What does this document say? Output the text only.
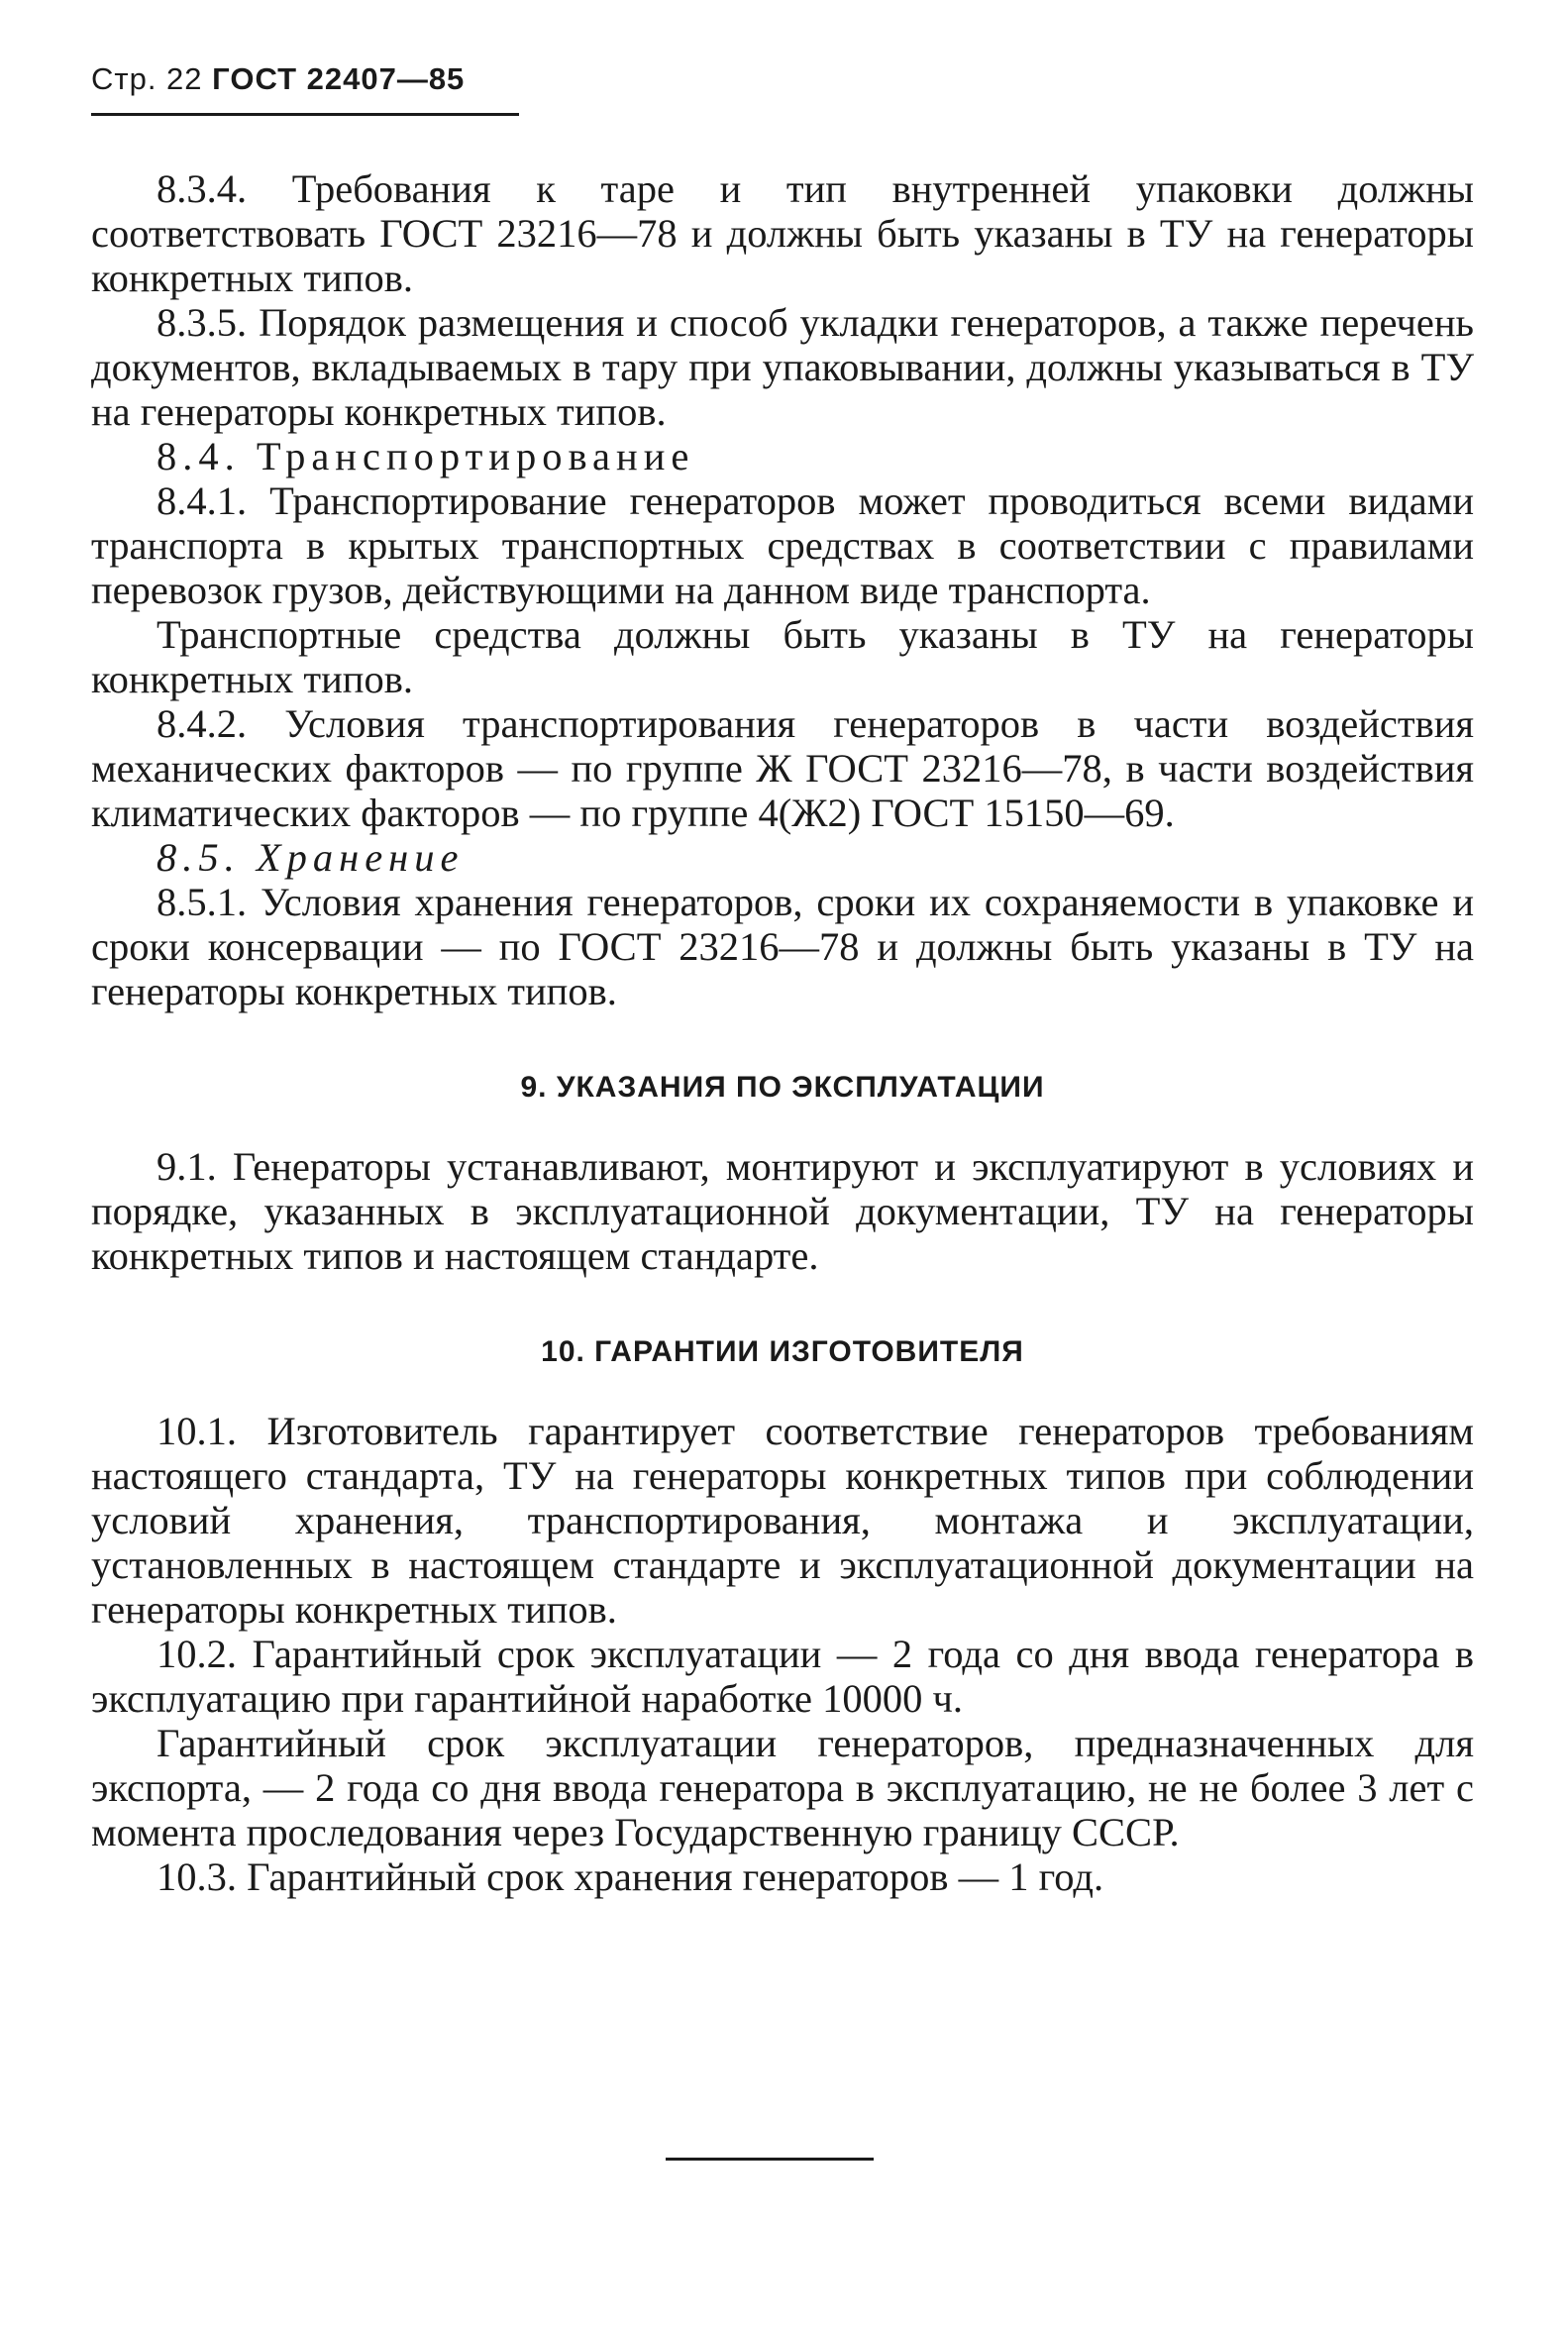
Стр. 22 ГОСТ 22407—85

8.3.4. Требования к таре и тип внутренней упаковки должны соответствовать ГОСТ 23216—78 и должны быть указаны в ТУ на генераторы конкретных типов.

8.3.5. Порядок размещения и способ укладки генераторов, а также перечень документов, вкладываемых в тару при упаковывании, должны указываться в ТУ на генераторы конкретных типов.

8.4. Транспортирование

8.4.1. Транспортирование генераторов может проводиться всеми видами транспорта в крытых транспортных средствах в соответствии с правилами перевозок грузов, действующими на данном виде транспорта.

Транспортные средства должны быть указаны в ТУ на генераторы конкретных типов.

8.4.2. Условия транспортирования генераторов в части воздействия механических факторов — по группе Ж ГОСТ 23216—78, в части воздействия климатических факторов — по группе 4(Ж2) ГОСТ 15150—69.

8.5. Хранение

8.5.1. Условия хранения генераторов, сроки их сохраняемости в упаковке и сроки консервации — по ГОСТ 23216—78 и должны быть указаны в ТУ на генераторы конкретных типов.

9. УКАЗАНИЯ ПО ЭКСПЛУАТАЦИИ

9.1. Генераторы устанавливают, монтируют и эксплуатируют в условиях и порядке, указанных в эксплуатационной документации, ТУ на генераторы конкретных типов и настоящем стандарте.

10. ГАРАНТИИ ИЗГОТОВИТЕЛЯ

10.1. Изготовитель гарантирует соответствие генераторов требованиям настоящего стандарта, ТУ на генераторы конкретных типов при соблюдении условий хранения, транспортирования, монтажа и эксплуатации, установленных в настоящем стандарте и эксплуатационной документации на генераторы конкретных типов.

10.2. Гарантийный срок эксплуатации — 2 года со дня ввода генератора в эксплуатацию при гарантийной наработке 10000 ч.

Гарантийный срок эксплуатации генераторов, предназначенных для экспорта, — 2 года со дня ввода генератора в эксплуатацию, не не более 3 лет с момента проследования через Государственную границу СССР.

10.3. Гарантийный срок хранения генераторов — 1 год.
